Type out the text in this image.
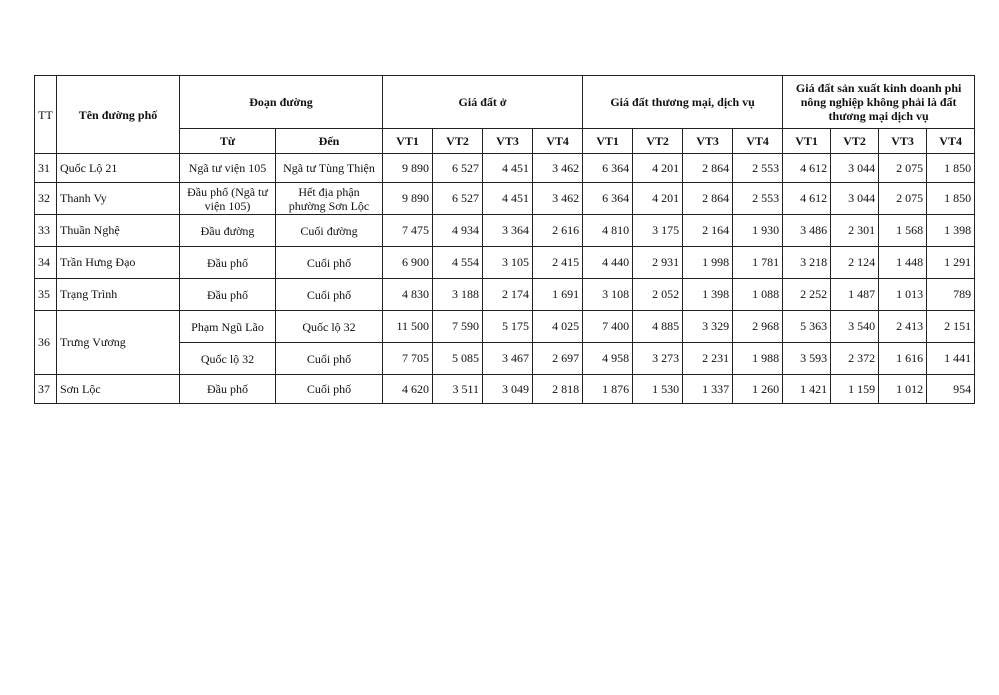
TT	Tên đường phố	Đoạn đường		Giá đất ở				Giá đất thương mại, dịch vụ				Giá đất sản xuất kinh doanh phi nông nghiệp không phải là đất thương mại dịch vụ			
		Từ	Đến	VT1	VT2	VT3	VT4	VT1	VT2	VT3	VT4	VT1	VT2	VT3	VT4
31	Quốc Lộ 21	Ngã tư viện 105	Ngã tư Tùng Thiện	9 890	6 527	4 451	3 462	6 364	4 201	2 864	2 553	4 612	3 044	2 075	1 850
32	Thanh Vy	Đầu phố (Ngã tư viện 105)	Hết địa phận phường Sơn Lộc	9 890	6 527	4 451	3 462	6 364	4 201	2 864	2 553	4 612	3 044	2 075	1 850
33	Thuần Nghệ	Đầu đường	Cuối đường	7 475	4 934	3 364	2 616	4 810	3 175	2 164	1 930	3 486	2 301	1 568	1 398
34	Trần Hưng Đạo	Đầu phố	Cuối phố	6 900	4 554	3 105	2 415	4 440	2 931	1 998	1 781	3 218	2 124	1 448	1 291
35	Trạng Trình	Đầu phố	Cuối phố	4 830	3 188	2 174	1 691	3 108	2 052	1 398	1 088	2 252	1 487	1 013	789
36	Trưng Vương	Phạm Ngũ Lão	Quốc lộ 32	11 500	7 590	5 175	4 025	7 400	4 885	3 329	2 968	5 363	3 540	2 413	2 151
		Quốc lộ 32	Cuối phố	7 705	5 085	3 467	2 697	4 958	3 273	2 231	1 988	3 593	2 372	1 616	1 441
37	Sơn Lộc	Đầu phố	Cuối phố	4 620	3 511	3 049	2 818	1 876	1 530	1 337	1 260	1 421	1 159	1 012	954
